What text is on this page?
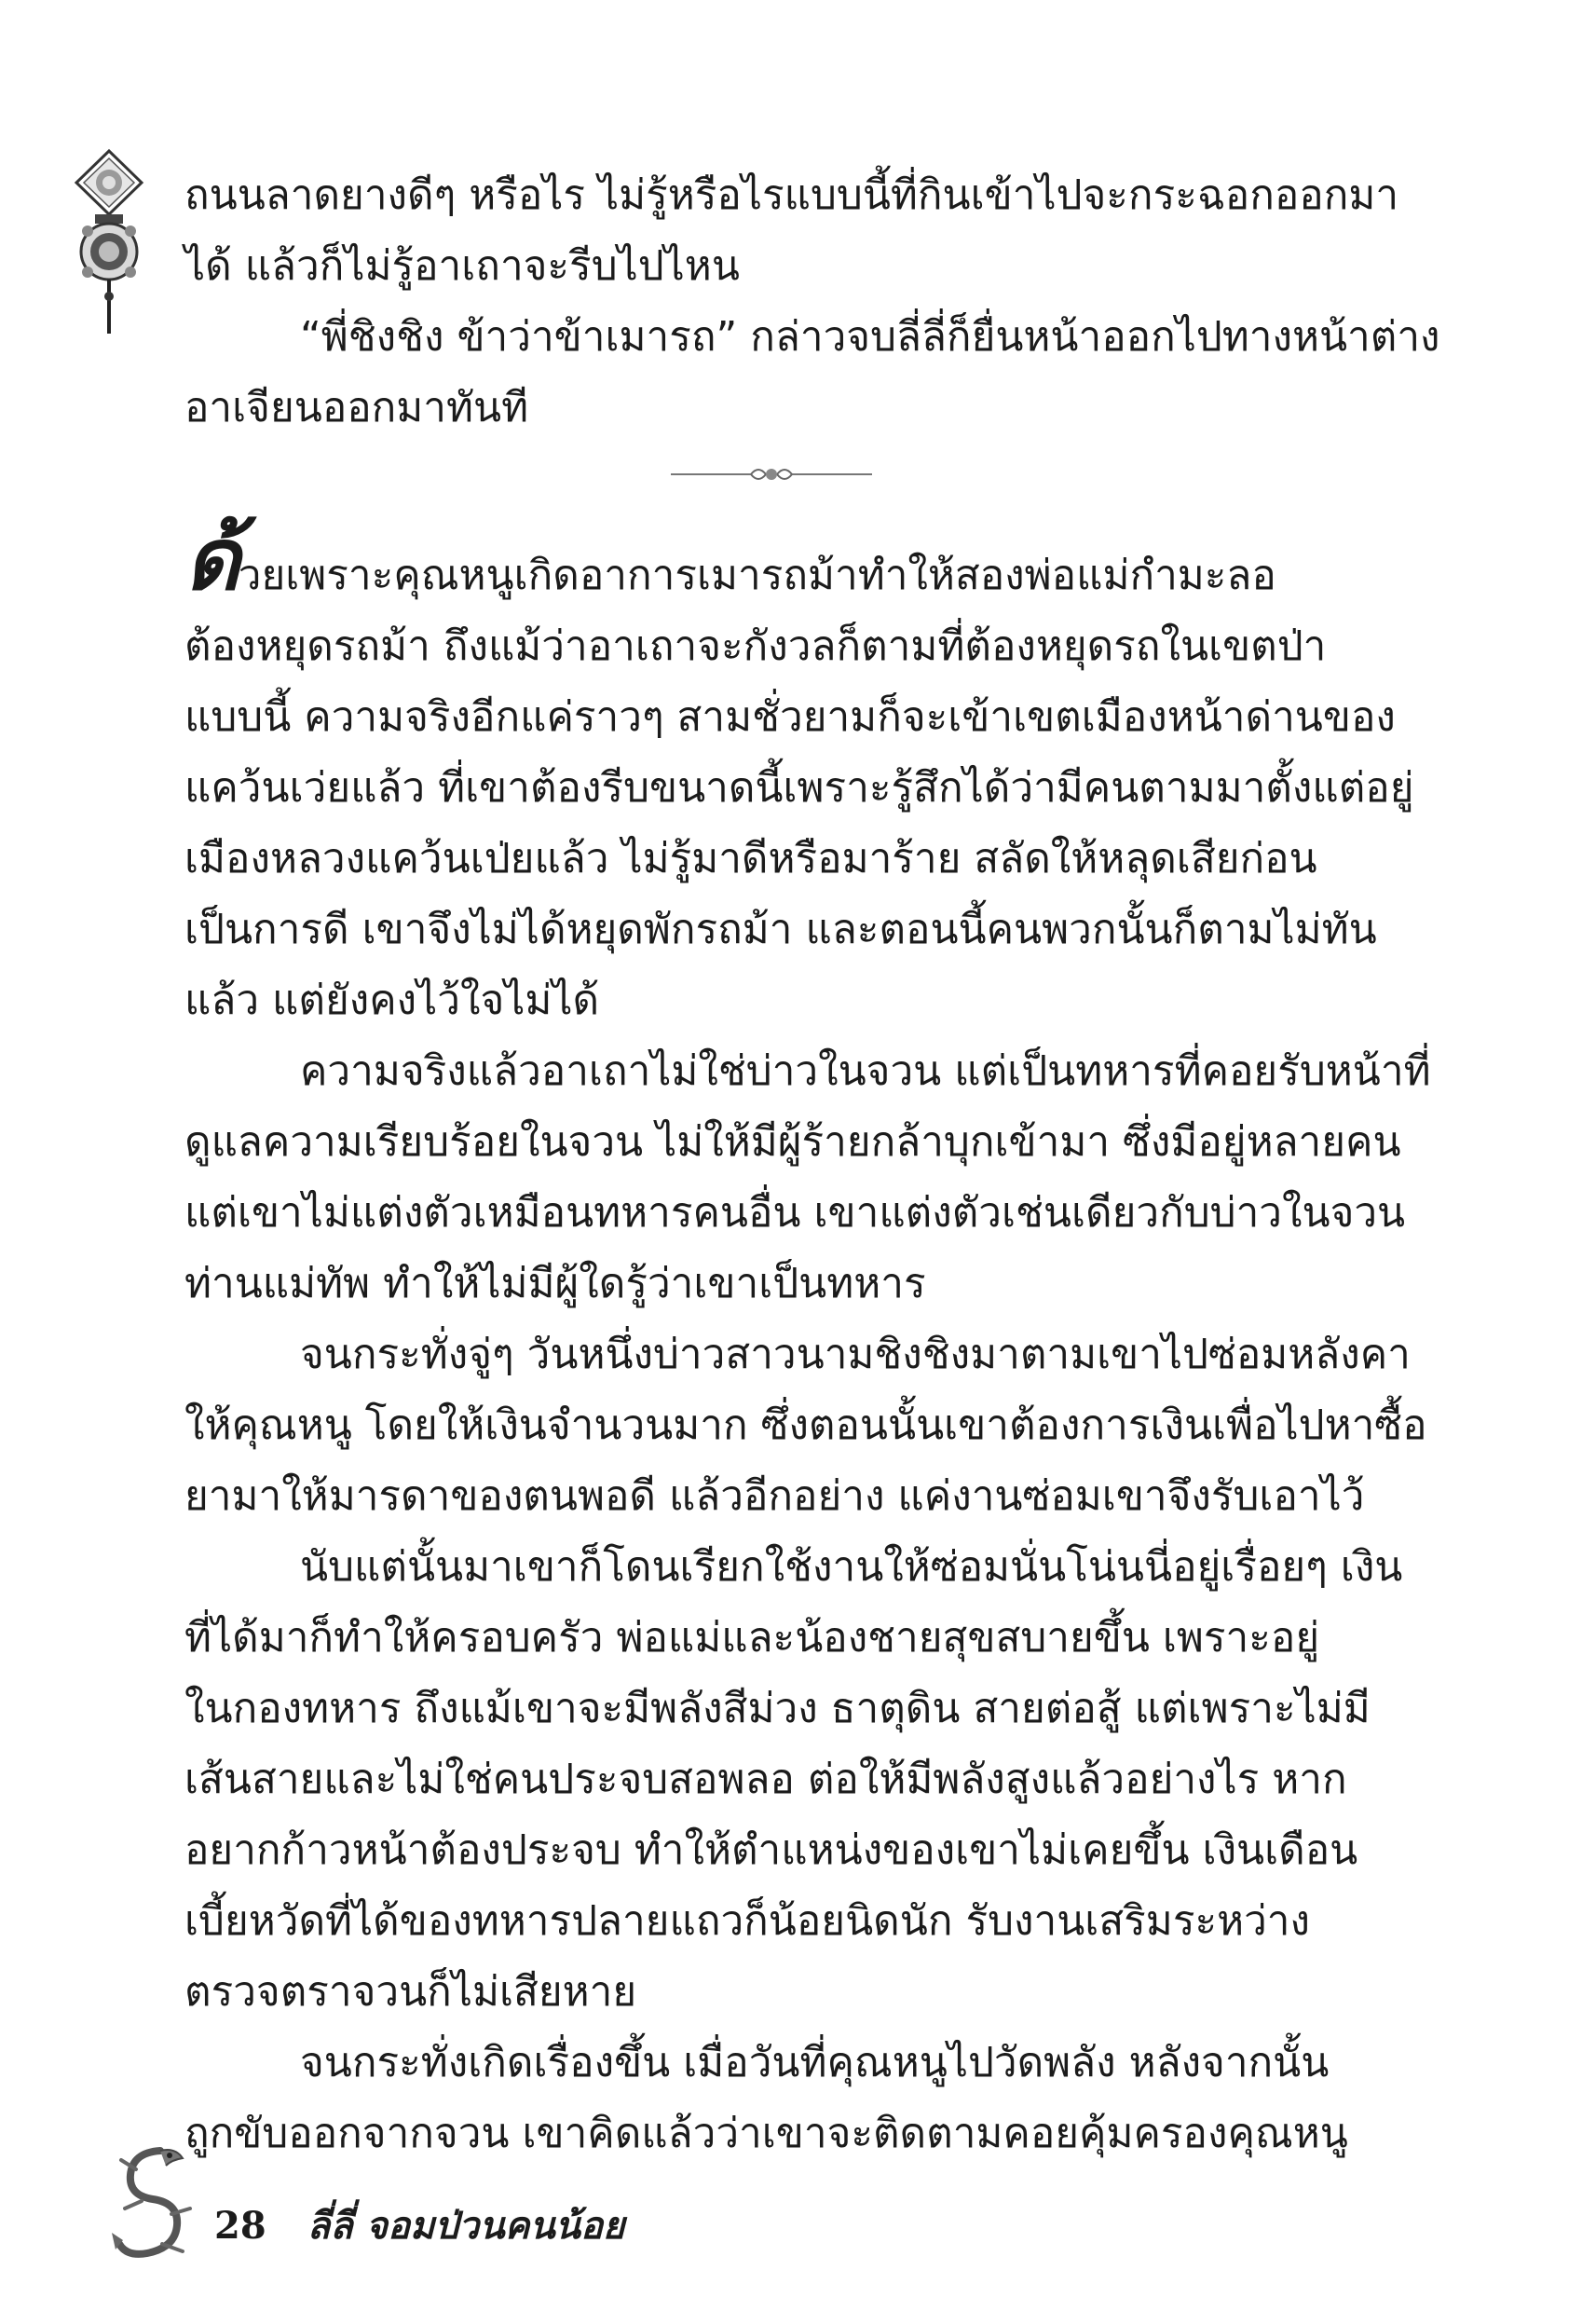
ถนนลาดยางดีๆ หรือไร ไม่รู้หรือไรแบบนี้ที่กินเข้าไปจะกระฉอกออกมา
ได้ แล้วก็ไม่รู้อาเถาจะรีบไปไหน
“พี่ชิงชิง ข้าว่าข้าเมารถ” กล่าวจบลี่ลี่ก็ยื่นหน้าออกไปทางหน้าต่าง
อาเจียนออกมาทันที
ด้วยเพราะคุณหนูเกิดอาการเมารถม้าทำให้สองพ่อแม่กำมะลอ
ต้องหยุดรถม้า ถึงแม้ว่าอาเถาจะกังวลก็ตามที่ต้องหยุดรถในเขตป่า
แบบนี้ ความจริงอีกแค่ราวๆ สามชั่วยามก็จะเข้าเขตเมืองหน้าด่านของ
แคว้นเว่ยแล้ว ที่เขาต้องรีบขนาดนี้เพราะรู้สึกได้ว่ามีคนตามมาตั้งแต่อยู่
เมืองหลวงแคว้นเป่ยแล้ว ไม่รู้มาดีหรือมาร้าย สลัดให้หลุดเสียก่อน
เป็นการดี เขาจึงไม่ได้หยุดพักรถม้า และตอนนี้คนพวกนั้นก็ตามไม่ทัน
แล้ว แต่ยังคงไว้ใจไม่ได้
ความจริงแล้วอาเถาไม่ใช่บ่าวในจวน แต่เป็นทหารที่คอยรับหน้าที่
ดูแลความเรียบร้อยในจวน ไม่ให้มีผู้ร้ายกล้าบุกเข้ามา ซึ่งมีอยู่หลายคน
แต่เขาไม่แต่งตัวเหมือนทหารคนอื่น เขาแต่งตัวเช่นเดียวกับบ่าวในจวน
ท่านแม่ทัพ ทำให้ไม่มีผู้ใดรู้ว่าเขาเป็นทหาร
จนกระทั่งจู่ๆ วันหนึ่งบ่าวสาวนามชิงชิงมาตามเขาไปซ่อมหลังคา
ให้คุณหนู โดยให้เงินจำนวนมาก ซึ่งตอนนั้นเขาต้องการเงินเพื่อไปหาซื้อ
ยามาให้มารดาของตนพอดี แล้วอีกอย่าง แค่งานซ่อมเขาจึงรับเอาไว้
นับแต่นั้นมาเขาก็โดนเรียกใช้งานให้ซ่อมนั่นโน่นนี่อยู่เรื่อยๆ เงิน
ที่ได้มาก็ทำให้ครอบครัว พ่อแม่และน้องชายสุขสบายขึ้น เพราะอยู่
ในกองทหาร ถึงแม้เขาจะมีพลังสีม่วง ธาตุดิน สายต่อสู้ แต่เพราะไม่มี
เส้นสายและไม่ใช่คนประจบสอพลอ ต่อให้มีพลังสูงแล้วอย่างไร หาก
อยากก้าวหน้าต้องประจบ ทำให้ตำแหน่งของเขาไม่เคยขึ้น เงินเดือน
เบี้ยหวัดที่ได้ของทหารปลายแถวก็น้อยนิดนัก รับงานเสริมระหว่าง
ตรวจตราจวนก็ไม่เสียหาย
จนกระทั่งเกิดเรื่องขึ้น เมื่อวันที่คุณหนูไปวัดพลัง หลังจากนั้น
ถูกขับออกจากจวน เขาคิดแล้วว่าเขาจะติดตามคอยคุ้มครองคุณหนู
28 ลี่ลี่ จอมป่วนคนน้อย
